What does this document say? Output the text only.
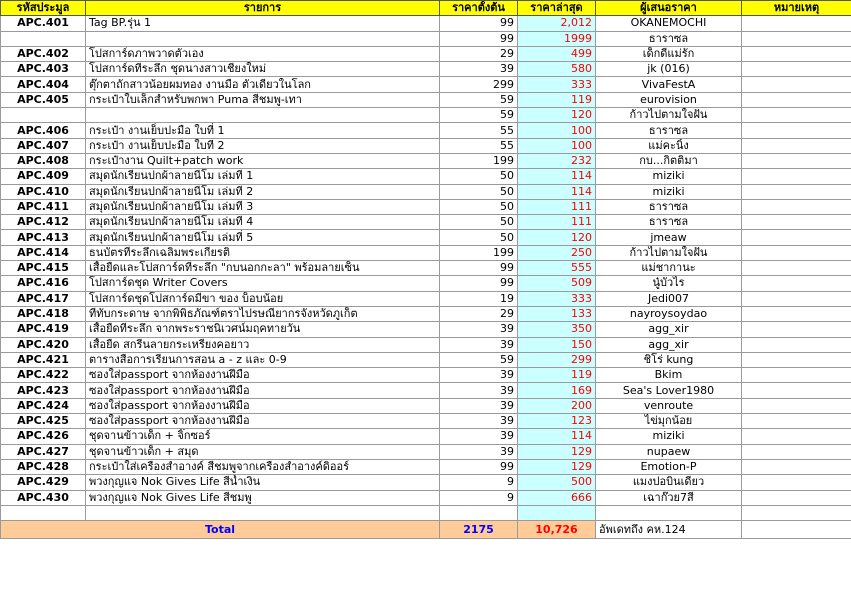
รหัสประมูล	รายการ	ราคาตั้งต้น	ราคาล่าสุด	ผู้เสนอราคา	หมายเหตุ
APC.401	Tag BP.รุ่น 1	99	2,012	OKANEMOCHI	
		99	1999	ธาราซล	
APC.402	โปสการ์ดภาพวาดตัวเอง	29	499	เด็กดีแม่รัก	
APC.403	โปสการ์ดที่ระลึก ชุดนางสาวเชียงใหม่	39	580	jk (016)	
APC.404	ตุ๊กตาถักสาวน้อยผมทอง งานมือ ตัวเดียวในโลก	299	333	VivaFestA	
APC.405	กระเป๋าใบเล็กสำหรับพกพา Puma สีชมพู-เทา	59	119	eurovision	
		59	120	ก้าวไปตามใจฝัน	
APC.406	กระเป๋า งานเย็บปะมือ ใบที่ 1	55	100	ธาราซล	
APC.407	กระเป๋า งานเย็บปะมือ ใบที่ 2	55	100	แม่คะนิ้ง	
APC.408	กระเป๋างาน Quilt+patch work	199	232	กบ...กิตติมา	
APC.409	สมุดนักเรียนปกผ้าลายนีโม เล่มที่ 1	50	114	miziki	
APC.410	สมุดนักเรียนปกผ้าลายนีโม เล่มที่ 2	50	114	miziki	
APC.411	สมุดนักเรียนปกผ้าลายนีโม เล่มที่ 3	50	111	ธาราซล	
APC.412	สมุดนักเรียนปกผ้าลายนีโม เล่มที่ 4	50	111	ธาราซล	
APC.413	สมุดนักเรียนปกผ้าลายนีโม เล่มที่ 5	50	120	jmeaw	
APC.414	ธนบัตรที่ระลึกเฉลิมพระเกียรติ	199	250	ก้าวไปตามใจฝัน	
APC.415	เสื้อยืดและโปสการ์ดที่ระลึก "กบนอกกะลา" พร้อมลายเซ็น	99	555	แม่ชากานะ	
APC.416	โปสการ์ดชุด Writer Covers	99	509	นู๋บัวไร	
APC.417	โปสการ์ดชุดโปสการ์ดมีขา ของ บ็อบน้อย	19	333	Jedi007	
APC.418	ที่ทับกระดาษ จากพิพิธภัณฑ์ตราไปรษณียากรจังหวัดภูเก็ต	29	133	nayroysoydao	
APC.419	เสื้อยืดที่ระลึก จากพระราชนิเวศน์มฤคทายวัน	39	350	agg_xir	
APC.420	เสื้อยืด สกรีนลายกระเหรี่ยงคอยาว	39	150	agg_xir	
APC.421	ตารางสื่อการเรียนการสอน a - z และ 0-9	59	299	ชิโร่ kung	
APC.422	ซองใส่passport จากห้องงานฝีมือ	39	119	Bkim	
APC.423	ซองใส่passport จากห้องงานฝีมือ	39	169	Sea's Lover1980	
APC.424	ซองใส่passport จากห้องงานฝีมือ	39	200	venroute	
APC.425	ซองใส่passport จากห้องงานฝีมือ	39	123	ไข่มุกน้อย	
APC.426	ชุดจานข้าวเด็ก + จิ๊กซอร์	39	114	miziki	
APC.427	ชุดจานข้าวเด็ก + สมุด	39	129	nupaew	
APC.428	กระเป๋าใส่เครื่องสำอางค์ สีชมพูจากเครื่องสำอางค์ดิออร์	99	129	Emotion-P	
APC.429	พวงกุญแจ Nok Gives Life สีน้ำเงิน	9	500	แมงปอบินเดี่ยว	
APC.430	พวงกุญแจ Nok Gives Life สีชมพู	9	666	เฉาก๊วย7สี	

Total		2175	10,726	อัพเดทถึง คห.124	
